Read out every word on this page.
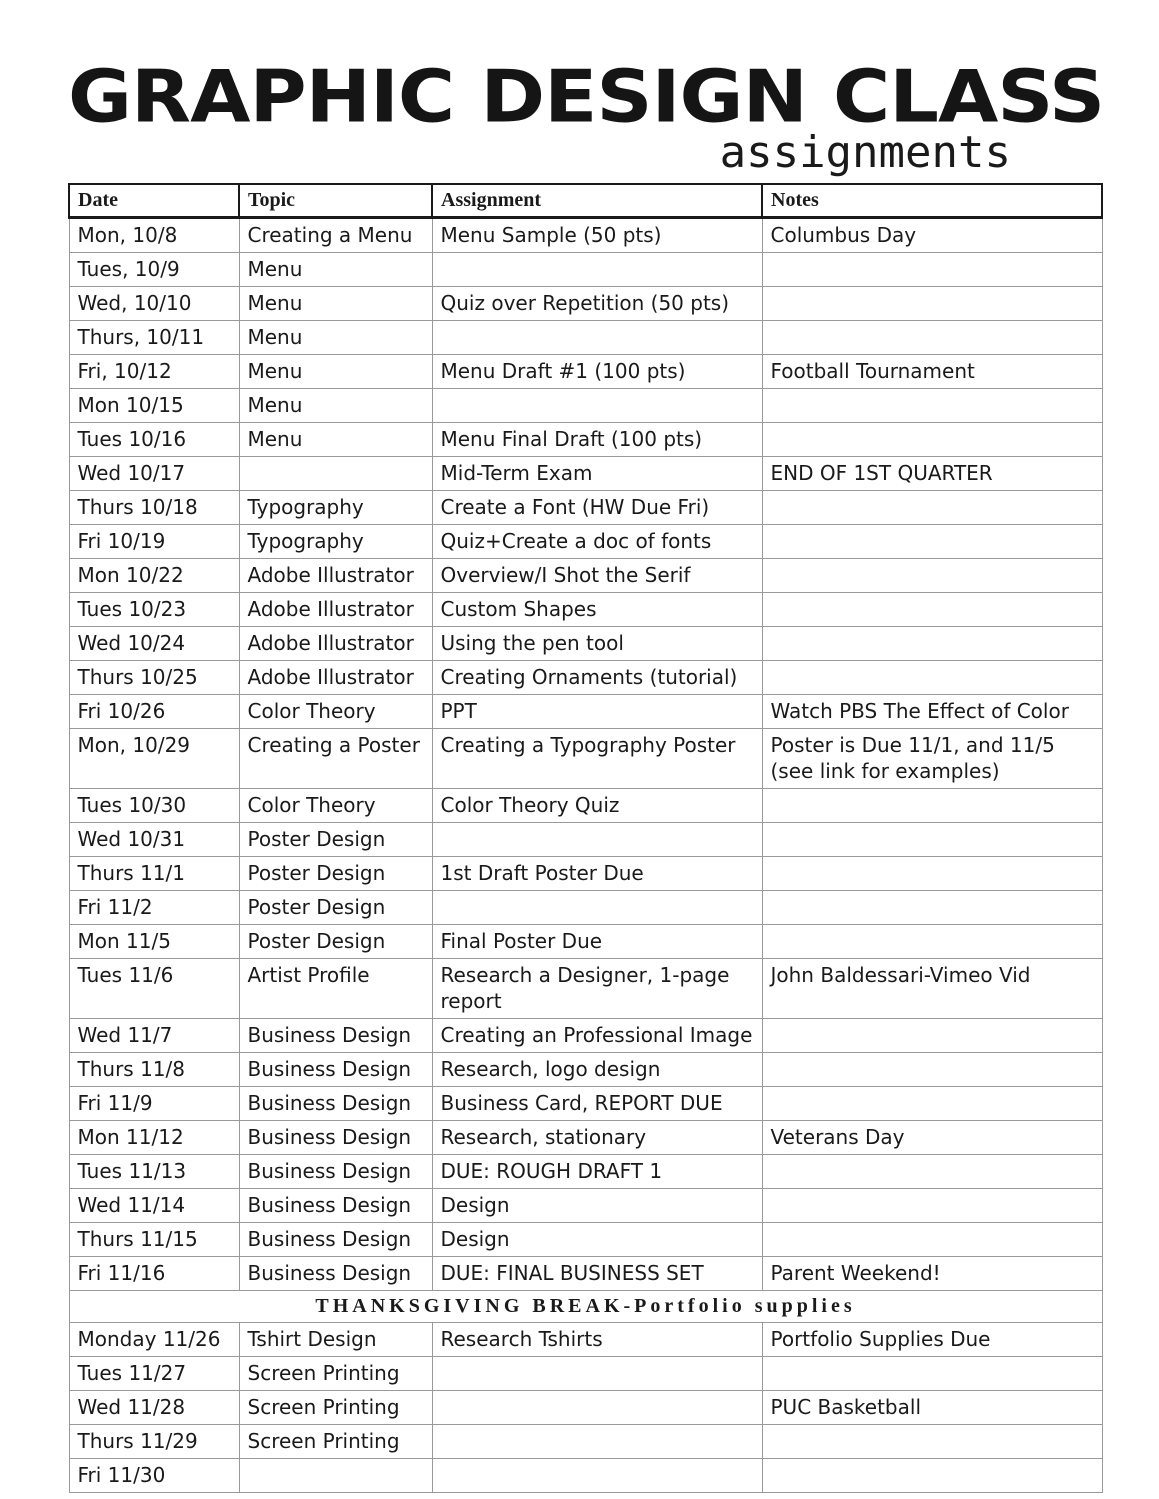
GRAPHIC DESIGN CLASS
assignments
Date	Topic	Assignment	Notes
Mon, 10/8	Creating a Menu	Menu Sample (50 pts)	Columbus Day
Tues, 10/9	Menu		
Wed, 10/10	Menu	Quiz over Repetition (50 pts)	
Thurs, 10/11	Menu		
Fri, 10/12	Menu	Menu Draft #1 (100 pts)	Football Tournament
Mon 10/15	Menu		
Tues 10/16	Menu	Menu Final Draft (100 pts)	
Wed 10/17		Mid-Term Exam	END OF 1ST QUARTER
Thurs 10/18	Typography	Create a Font (HW Due Fri)	
Fri 10/19	Typography	Quiz+Create a doc of fonts	
Mon 10/22	Adobe Illustrator	Overview/I Shot the Serif	
Tues 10/23	Adobe Illustrator	Custom Shapes	
Wed 10/24	Adobe Illustrator	Using the pen tool	
Thurs 10/25	Adobe Illustrator	Creating Ornaments (tutorial)	
Fri 10/26	Color Theory	PPT	Watch PBS The Effect of Color
Mon, 10/29	Creating a Poster	Creating a Typography Poster	Poster is Due 11/1, and 11/5 (see link for examples)
Tues 10/30	Color Theory	Color Theory Quiz	
Wed 10/31	Poster Design		
Thurs 11/1	Poster Design	1st Draft Poster Due	
Fri 11/2	Poster Design		
Mon 11/5	Poster Design	Final Poster Due	
Tues 11/6	Artist Profile	Research a Designer, 1-page report	John Baldessari-Vimeo Vid
Wed 11/7	Business Design	Creating an Professional Image	
Thurs 11/8	Business Design	Research, logo design	
Fri 11/9	Business Design	Business Card, REPORT DUE	
Mon 11/12	Business Design	Research, stationary	Veterans Day
Tues 11/13	Business Design	DUE: ROUGH DRAFT 1	
Wed 11/14	Business Design	Design	
Thurs 11/15	Business Design	Design	
Fri 11/16	Business Design	DUE: FINAL BUSINESS SET	Parent Weekend!
THANKSGIVING BREAK-Portfolio supplies			
Monday 11/26	Tshirt Design	Research Tshirts	Portfolio Supplies Due
Tues 11/27	Screen Printing		
Wed 11/28	Screen Printing		PUC Basketball
Thurs 11/29	Screen Printing		
Fri 11/30			
